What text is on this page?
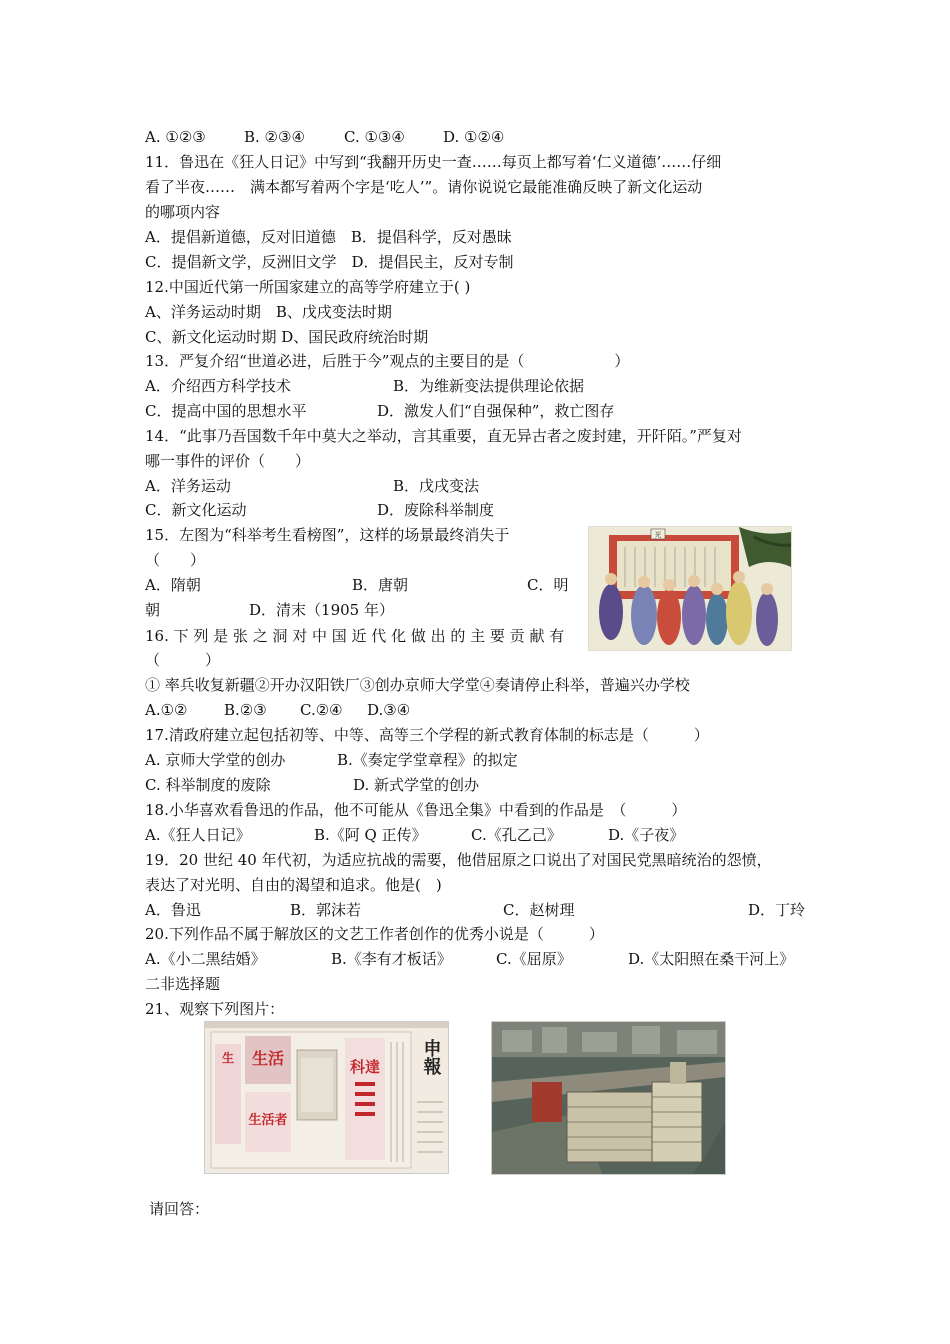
A. ①②③	B. ②③④	C. ①③④	D. ①②④
11．鲁迅在《狂人日记》中写到“我翻开历史一查……每页上都写着‘仁义道德’……仔细
看了半夜……　满本都写着两个字是‘吃人’”。请你说说它最能准确反映了新文化运动
的哪项内容
A．提倡新道德，反对旧道德　B．提倡科学，反对愚昧
C．提倡新文学，反洲旧文学　D．提倡民主，反对专制
12.中国近代第一所国家建立的高等学府建立于( )
A、洋务运动时期　B、戊戌变法时期
C、新文化运动时期 D、国民政府统治时期
13．严复介绍“世道必进，后胜于今”观点的主要目的是（　　　　　　）
A．介绍西方科学技术	B．为维新变法提供理论依据
C．提高中国的思想水平	D．激发人们“自强保种”，救亡图存
14．“此事乃吾国数千年中莫大之举动，言其重要，直无异古者之废封建，开阡陌。”严复对
哪一事件的评价（　　）
A．洋务运动	B．戊戌变法
C．新文化运动	D．废除科举制度
15．左图为“科举考生看榜图”，这样的场景最终消失于
（　　）
A．隋朝	B．唐朝	C．明
朝	D．清末（1905 年）
光
16. 下 列 是 张 之 洞 对 中 国 近 代 化 做 出 的 主 要 贡 献 有
（　　　）
① 率兵收复新疆②开办汉阳铁厂③创办京师大学堂④奏请停止科举，普遍兴办学校
A.①② B.②③ C.②④ D.③④
17.清政府建立起包括初等、中等、高等三个学程的新式教育体制的标志是（　　　）
A. 京师大学堂的创办	B.《奏定学堂章程》的拟定
C. 科举制度的废除	D. 新式学堂的创办
18.小华喜欢看鲁迅的作品，他不可能从《鲁迅全集》中看到的作品是　（　　　）
A.《狂人日记》	B.《阿 Q 正传》	C.《孔乙己》	D.《子夜》
19．20 世纪 40 年代初，为适应抗战的需要，他借屈原之口说出了对国民党黑暗统治的怨愤，
表达了对光明、自由的渴望和追求。他是(　)
A．鲁迅	B．郭沫若	C．赵树理	D．丁玲
20.下列作品不属于解放区的文艺工作者创作的优秀小说是（　　　）
A.《小二黑结婚》	B.《李有才板话》	C.《屈原》	D.《太阳照在桑干河上》
二非选择题
21、观察下列图片：
生 生活
生活者
科達 申報
请回答：
